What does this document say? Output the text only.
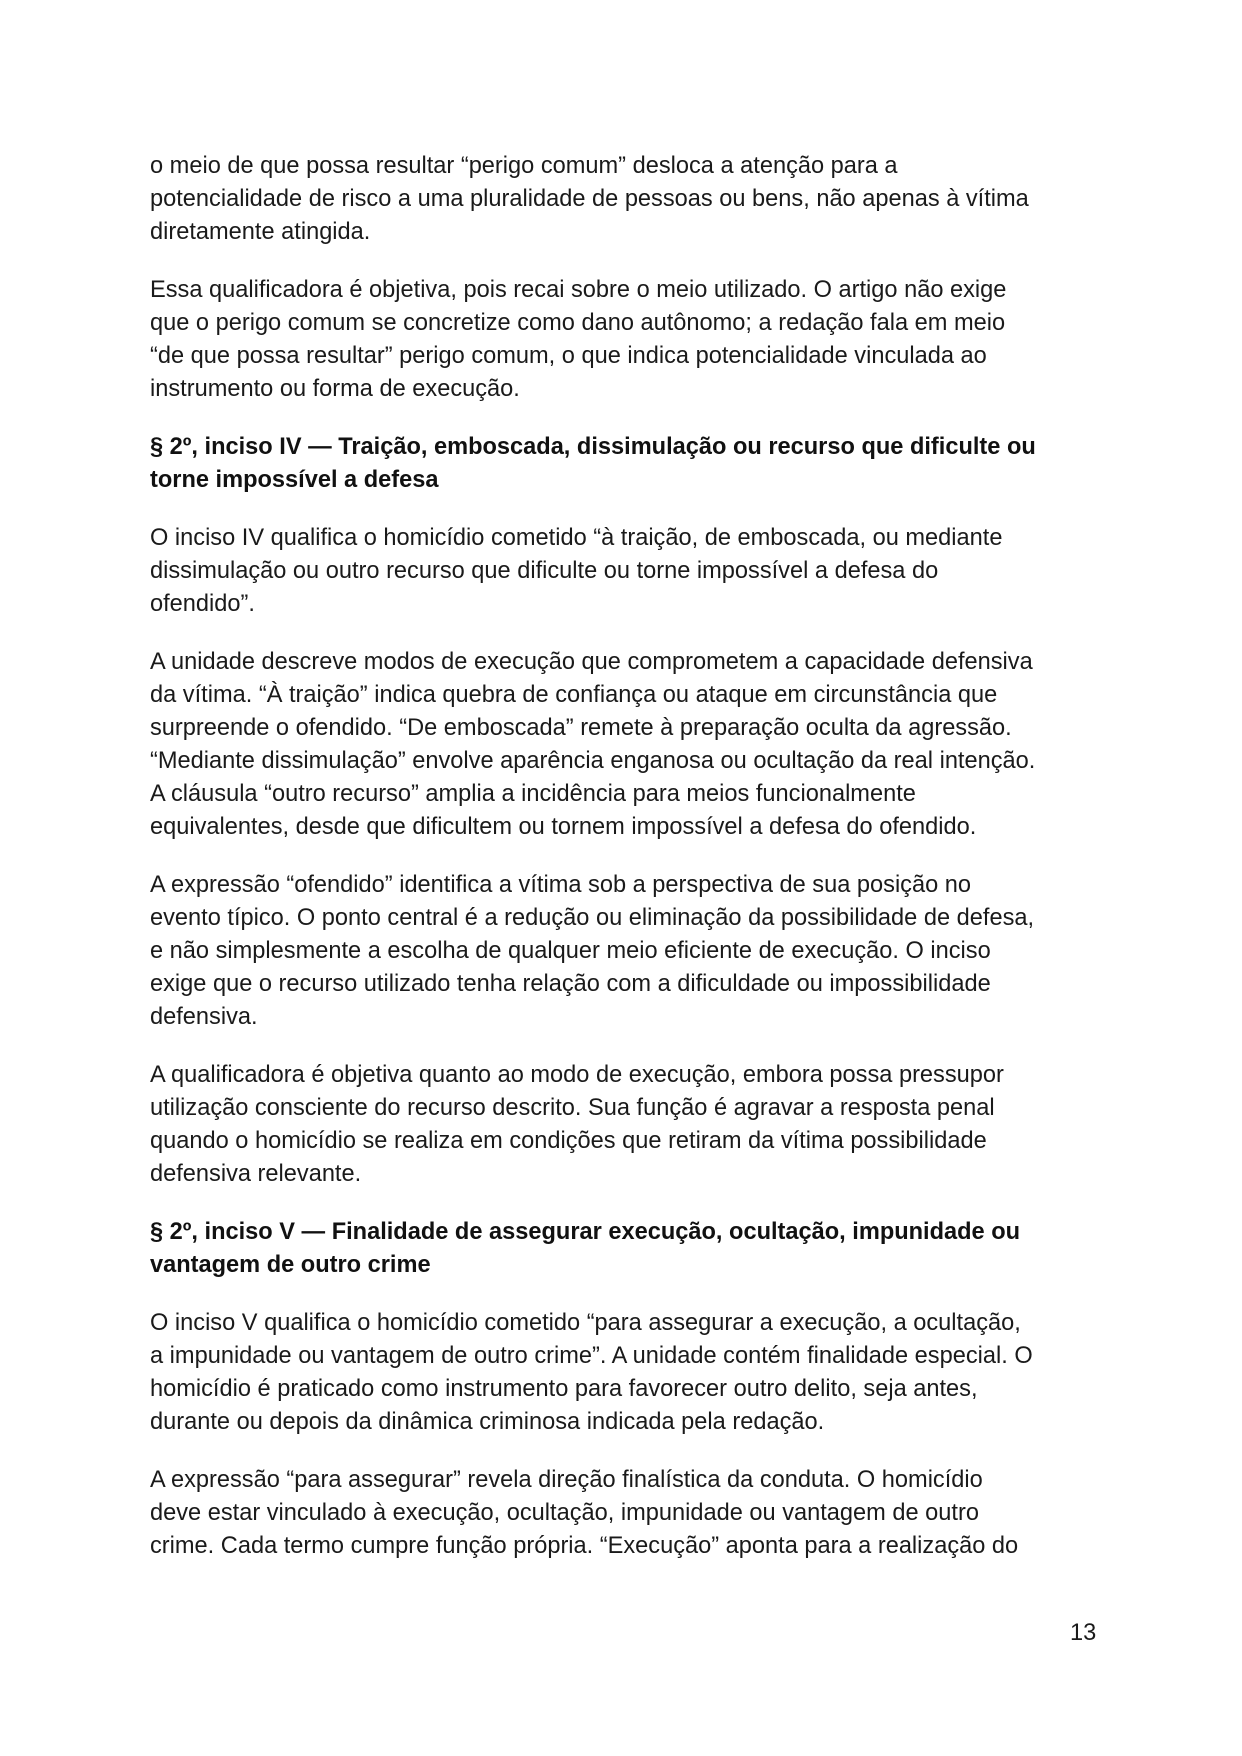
o meio de que possa resultar “perigo comum” desloca a atenção para a
potencialidade de risco a uma pluralidade de pessoas ou bens, não apenas à vítima
diretamente atingida.

Essa qualificadora é objetiva, pois recai sobre o meio utilizado. O artigo não exige
que o perigo comum se concretize como dano autônomo; a redação fala em meio
“de que possa resultar” perigo comum, o que indica potencialidade vinculada ao
instrumento ou forma de execução.

§ 2º, inciso IV — Traição, emboscada, dissimulação ou recurso que dificulte ou
torne impossível a defesa

O inciso IV qualifica o homicídio cometido “à traição, de emboscada, ou mediante
dissimulação ou outro recurso que dificulte ou torne impossível a defesa do
ofendido”.

A unidade descreve modos de execução que comprometem a capacidade defensiva
da vítima. “À traição” indica quebra de confiança ou ataque em circunstância que
surpreende o ofendido. “De emboscada” remete à preparação oculta da agressão.
“Mediante dissimulação” envolve aparência enganosa ou ocultação da real intenção.
A cláusula “outro recurso” amplia a incidência para meios funcionalmente
equivalentes, desde que dificultem ou tornem impossível a defesa do ofendido.

A expressão “ofendido” identifica a vítima sob a perspectiva de sua posição no
evento típico. O ponto central é a redução ou eliminação da possibilidade de defesa,
e não simplesmente a escolha de qualquer meio eficiente de execução. O inciso
exige que o recurso utilizado tenha relação com a dificuldade ou impossibilidade
defensiva.

A qualificadora é objetiva quanto ao modo de execução, embora possa pressupor
utilização consciente do recurso descrito. Sua função é agravar a resposta penal
quando o homicídio se realiza em condições que retiram da vítima possibilidade
defensiva relevante.

§ 2º, inciso V — Finalidade de assegurar execução, ocultação, impunidade ou
vantagem de outro crime

O inciso V qualifica o homicídio cometido “para assegurar a execução, a ocultação,
a impunidade ou vantagem de outro crime”. A unidade contém finalidade especial. O
homicídio é praticado como instrumento para favorecer outro delito, seja antes,
durante ou depois da dinâmica criminosa indicada pela redação.

A expressão “para assegurar” revela direção finalística da conduta. O homicídio
deve estar vinculado à execução, ocultação, impunidade ou vantagem de outro
crime. Cada termo cumpre função própria. “Execução” aponta para a realização do

13
